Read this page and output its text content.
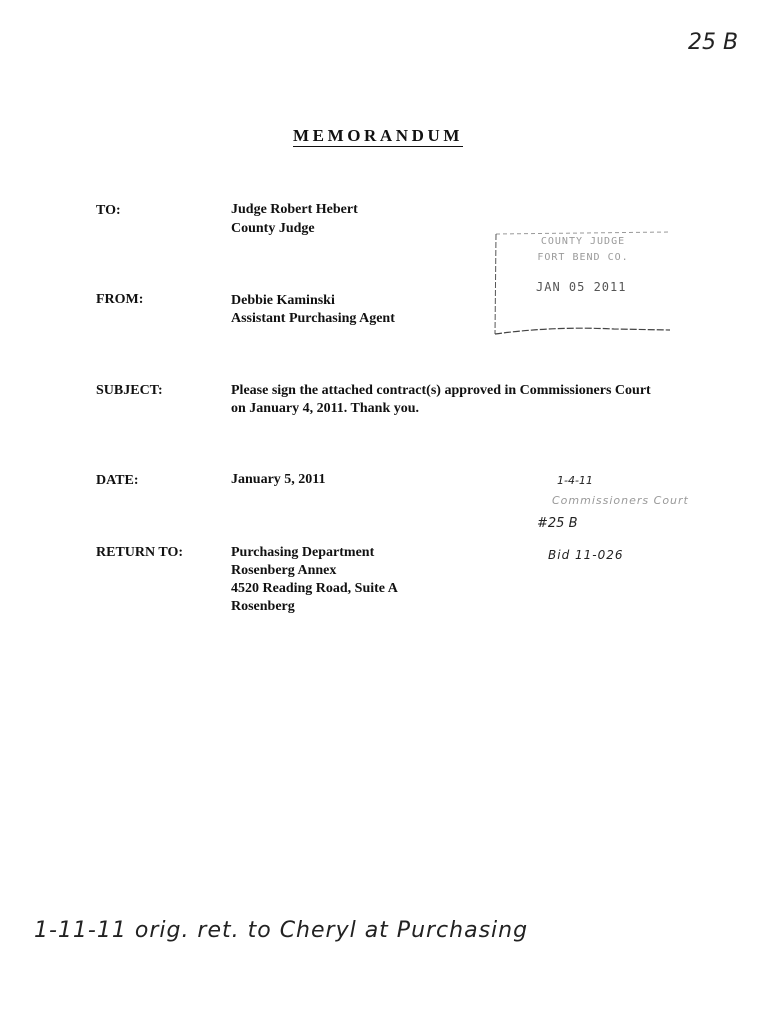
25 B
MEMORANDUM
TO:	Judge Robert Hebert
County Judge
COUNTY JUDGE
FORT BEND CO.
JAN 05 2011
FROM:	Debbie Kaminski
Assistant Purchasing Agent
SUBJECT:	Please sign the attached contract(s) approved in Commissioners Court
on January 4, 2011. Thank you.
DATE:	January 5, 2011	1-4-11
Commissioners Court
#25 B
Bid 11-026
RETURN TO:	Purchasing Department
Rosenberg Annex
4520 Reading Road, Suite A
Rosenberg
1-11-11 orig. ret. to Cheryl at Purchasing
